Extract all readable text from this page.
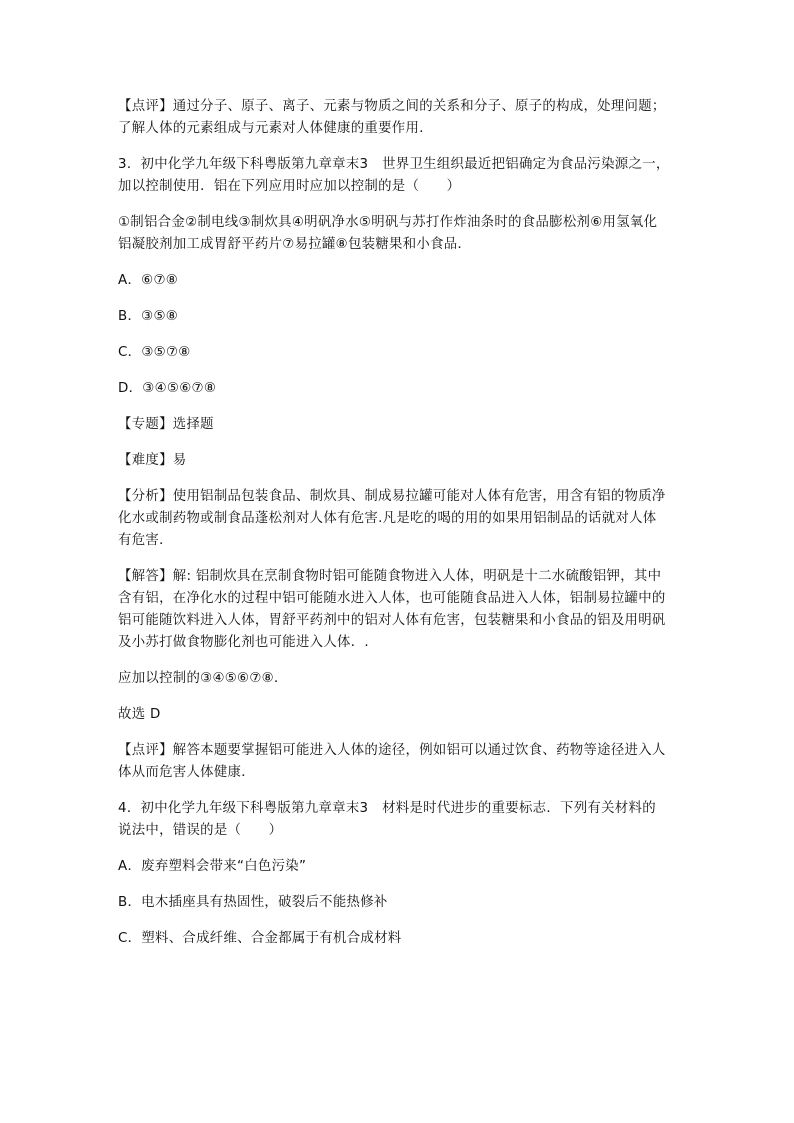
【点评】通过分子、原子、离子、元素与物质之间的关系和分子、原子的构成，处理问题；
了解人体的元素组成与元素对人体健康的重要作用．

3．初中化学九年级下科粤版第九章章末3　世界卫生组织最近把铝确定为食品污染源之一，
加以控制使用．铝在下列应用时应加以控制的是（　　）

①制铝合金②制电线③制炊具④明矾净水⑤明矾与苏打作炸油条时的食品膨松剂⑥用氢氧化
铝凝胶剂加工成胃舒平药片⑦易拉罐⑧包装糖果和小食品．

A．⑥⑦⑧

B．③⑤⑧

C．③⑤⑦⑧

D．③④⑤⑥⑦⑧

【专题】选择题

【难度】易

【分析】使用铝制品包装食品、制炊具、制成易拉罐可能对人体有危害，用含有铝的物质净
化水或制药物或制食品蓬松剂对人体有危害.凡是吃的喝的用的如果用铝制品的话就对人体
有危害．

【解答】解: 铝制炊具在烹制食物时铝可能随食物进入人体，明矾是十二水硫酸铝钾，其中
含有铝，在净化水的过程中铝可能随水进入人体，也可能随食品进入人体，铝制易拉罐中的
铝可能随饮料进入人体，胃舒平药剂中的铝对人体有危害，包装糖果和小食品的铝及用明矾
及小苏打做食物膨化剂也可能进入人体．.

应加以控制的③④⑤⑥⑦⑧．

故选 D

【点评】解答本题要掌握铝可能进入人体的途径，例如铝可以通过饮食、药物等途径进入人
体从而危害人体健康．

4．初中化学九年级下科粤版第九章章末3　材料是时代进步的重要标志．下列有关材料的
说法中，错误的是（　　）

A．废弃塑料会带来“白色污染”

B．电木插座具有热固性，破裂后不能热修补

C．塑料、合成纤维、合金都属于有机合成材料
